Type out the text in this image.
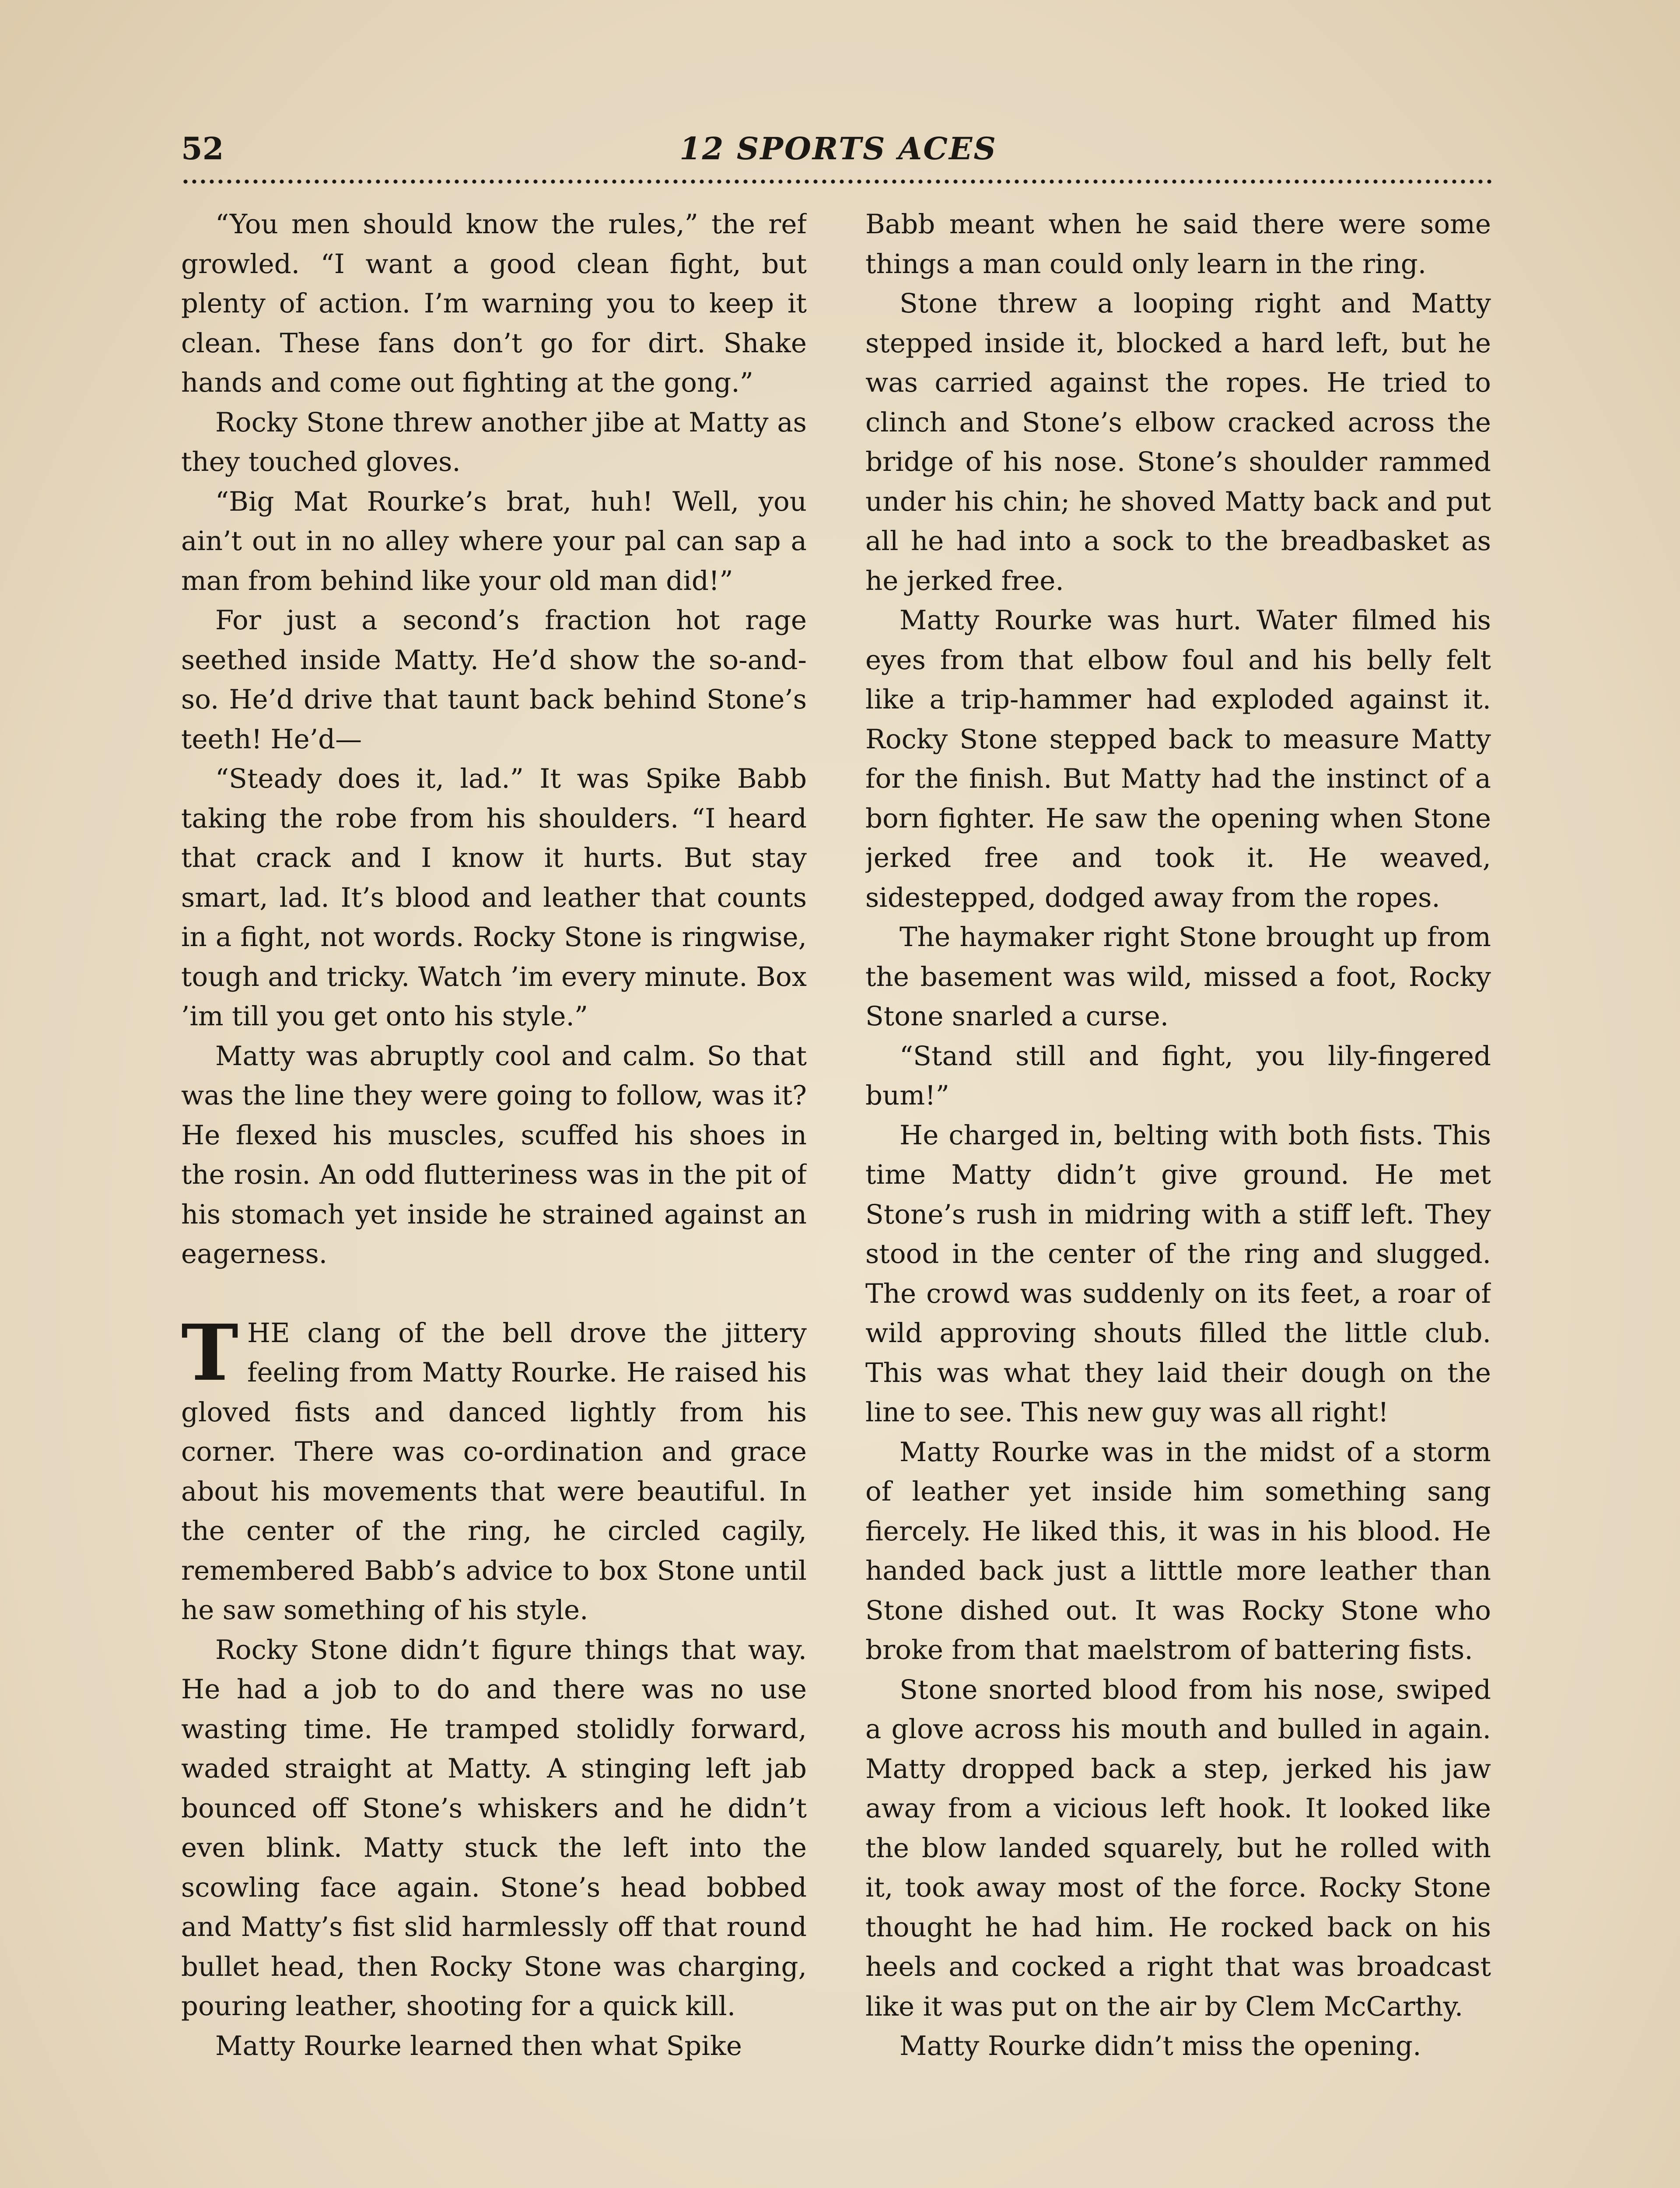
52	12 SPORTS ACES

“You men should know the rules,” the ref growled. “I want a good clean fight, but plenty of action. I’m warning you to keep it clean. These fans don’t go for dirt. Shake hands and come out fighting at the gong.”

Rocky Stone threw another jibe at Matty as they touched gloves.

“Big Mat Rourke’s brat, huh! Well, you ain’t out in no alley where your pal can sap a man from behind like your old man did!”

For just a second’s fraction hot rage seethed inside Matty. He’d show the so-and-so. He’d drive that taunt back behind Stone’s teeth! He’d—

“Steady does it, lad.” It was Spike Babb taking the robe from his shoulders. “I heard that crack and I know it hurts. But stay smart, lad. It’s blood and leather that counts in a fight, not words. Rocky Stone is ringwise, tough and tricky. Watch ’im every minute. Box ’im till you get onto his style.”

Matty was abruptly cool and calm. So that was the line they were going to follow, was it? He flexed his muscles, scuffed his shoes in the rosin. An odd flutteriness was in the pit of his stomach yet inside he strained against an eagerness.

THE clang of the bell drove the jittery feeling from Matty Rourke. He raised his gloved fists and danced lightly from his corner. There was co-ordination and grace about his movements that were beautiful. In the center of the ring, he circled cagily, remembered Babb’s advice to box Stone until he saw something of his style.

Rocky Stone didn’t figure things that way. He had a job to do and there was no use wasting time. He tramped stolidly forward, waded straight at Matty. A stinging left jab bounced off Stone’s whiskers and he didn’t even blink. Matty stuck the left into the scowling face again. Stone’s head bobbed and Matty’s fist slid harmlessly off that round bullet head, then Rocky Stone was charging, pouring leather, shooting for a quick kill.

Matty Rourke learned then what Spike

Babb meant when he said there were some things a man could only learn in the ring.

Stone threw a looping right and Matty stepped inside it, blocked a hard left, but he was carried against the ropes. He tried to clinch and Stone’s elbow cracked across the bridge of his nose. Stone’s shoulder rammed under his chin; he shoved Matty back and put all he had into a sock to the breadbasket as he jerked free.

Matty Rourke was hurt. Water filmed his eyes from that elbow foul and his belly felt like a trip-hammer had exploded against it. Rocky Stone stepped back to measure Matty for the finish. But Matty had the instinct of a born fighter. He saw the opening when Stone jerked free and took it. He weaved, sidestepped, dodged away from the ropes.

The haymaker right Stone brought up from the basement was wild, missed a foot, Rocky Stone snarled a curse.

“Stand still and fight, you lily-fingered bum!”

He charged in, belting with both fists. This time Matty didn’t give ground. He met Stone’s rush in midring with a stiff left. They stood in the center of the ring and slugged. The crowd was suddenly on its feet, a roar of wild approving shouts filled the little club. This was what they laid their dough on the line to see. This new guy was all right!

Matty Rourke was in the midst of a storm of leather yet inside him something sang fiercely. He liked this, it was in his blood. He handed back just a litttle more leather than Stone dished out. It was Rocky Stone who broke from that maelstrom of battering fists.

Stone snorted blood from his nose, swiped a glove across his mouth and bulled in again. Matty dropped back a step, jerked his jaw away from a vicious left hook. It looked like the blow landed squarely, but he rolled with it, took away most of the force. Rocky Stone thought he had him. He rocked back on his heels and cocked a right that was broadcast like it was put on the air by Clem McCarthy.

Matty Rourke didn’t miss the opening.
